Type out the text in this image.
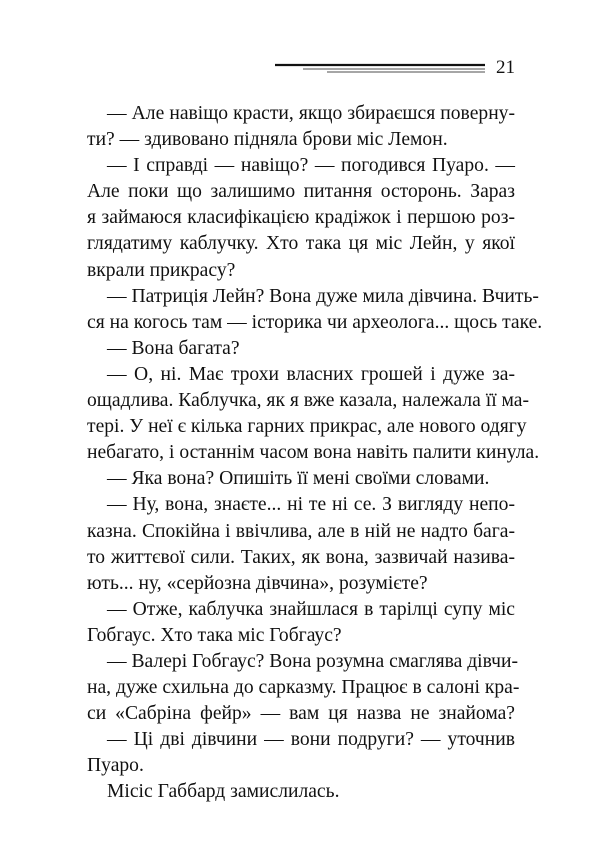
21
— Але навіщо красти, якщо збираєшся поверну-
ти? — здивовано підняла брови міс Лемон.
— І справді — навіщо? — погодився Пуаро. —
Але поки що залишимо питання осторонь. Зараз
я займаюся класифікацією крадіжок і першою роз-
глядатиму каблучку. Хто така ця міс Лейн, у якої
вкрали прикрасу?
— Патриція Лейн? Вона дуже мила дівчина. Вчить-
ся на когось там — історика чи археолога... щось таке.
— Вона багата?
— О, ні. Має трохи власних грошей і дуже за-
ощадлива. Каблучка, як я вже казала, належала її ма-
тері. У неї є кілька гарних прикрас, але нового одягу
небагато, і останнім часом вона навіть палити кинула.
— Яка вона? Опишіть її мені своїми словами.
— Ну, вона, знаєте... ні те ні се. З вигляду непо-
казна. Спокійна і ввічлива, але в ній не надто бага-
то життєвої сили. Таких, як вона, зазвичай назива-
ють... ну, «серйозна дівчина», розумієте?
— Отже, каблучка знайшлася в тарілці супу міс
Гобгаус. Хто така міс Гобгаус?
— Валері Гобгаус? Вона розумна смаглява дівчи-
на, дуже схильна до сарказму. Працює в салоні кра-
си «Сабріна фейр» — вам ця назва не знайома?
— Ці дві дівчини — вони подруги? — уточнив
Пуаро.
Місіс Габбард замислилась.
